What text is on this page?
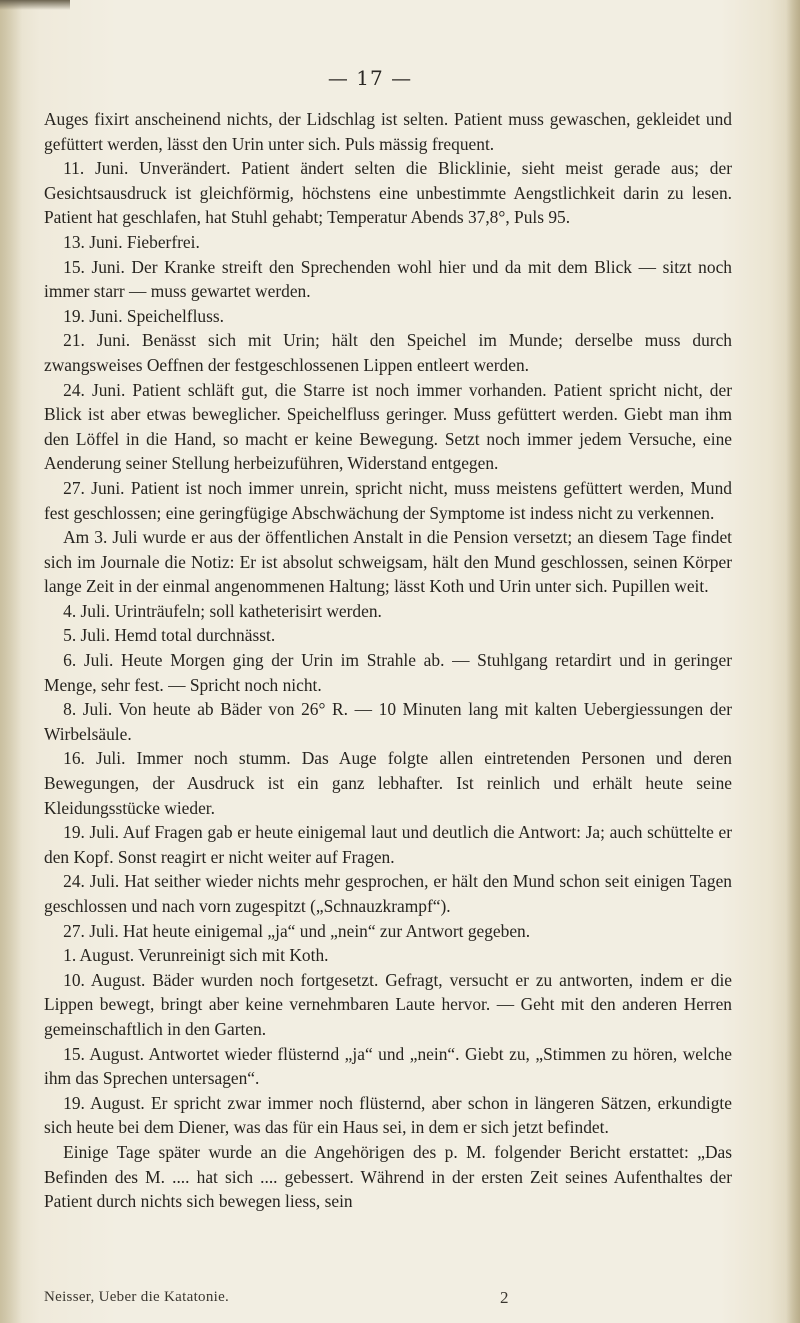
— 17 —

Auges fixirt anscheinend nichts, der Lidschlag ist selten. Patient muss gewaschen, gekleidet und gefüttert werden, lässt den Urin unter sich. Puls mässig frequent.

11. Juni. Unverändert. Patient ändert selten die Blicklinie, sieht meist gerade aus; der Gesichtsausdruck ist gleichförmig, höchstens eine unbestimmte Aengstlichkeit darin zu lesen. Patient hat geschlafen, hat Stuhl gehabt; Temperatur Abends 37,8°, Puls 95.

13. Juni. Fieberfrei.

15. Juni. Der Kranke streift den Sprechenden wohl hier und da mit dem Blick — sitzt noch immer starr — muss gewartet werden.

19. Juni. Speichelfluss.

21. Juni. Benässt sich mit Urin; hält den Speichel im Munde; derselbe muss durch zwangsweises Oeffnen der festgeschlossenen Lippen entleert werden.

24. Juni. Patient schläft gut, die Starre ist noch immer vorhanden. Patient spricht nicht, der Blick ist aber etwas beweglicher. Speichelfluss geringer. Muss gefüttert werden. Giebt man ihm den Löffel in die Hand, so macht er keine Bewegung. Setzt noch immer jedem Versuche, eine Aenderung seiner Stellung herbeizuführen, Widerstand entgegen.

27. Juni. Patient ist noch immer unrein, spricht nicht, muss meistens gefüttert werden, Mund fest geschlossen; eine geringfügige Abschwächung der Symptome ist indess nicht zu verkennen.

Am 3. Juli wurde er aus der öffentlichen Anstalt in die Pension versetzt; an diesem Tage findet sich im Journale die Notiz: Er ist absolut schweigsam, hält den Mund geschlossen, seinen Körper lange Zeit in der einmal angenommenen Haltung; lässt Koth und Urin unter sich. Pupillen weit.

4. Juli. Urinträufeln; soll katheterisirt werden.

5. Juli. Hemd total durchnässt.

6. Juli. Heute Morgen ging der Urin im Strahle ab. — Stuhlgang retardirt und in geringer Menge, sehr fest. — Spricht noch nicht.

8. Juli. Von heute ab Bäder von 26° R. — 10 Minuten lang mit kalten Uebergiessungen der Wirbelsäule.

16. Juli. Immer noch stumm. Das Auge folgte allen eintretenden Personen und deren Bewegungen, der Ausdruck ist ein ganz lebhafter. Ist reinlich und erhält heute seine Kleidungsstücke wieder.

19. Juli. Auf Fragen gab er heute einigemal laut und deutlich die Antwort: Ja; auch schüttelte er den Kopf. Sonst reagirt er nicht weiter auf Fragen.

24. Juli. Hat seither wieder nichts mehr gesprochen, er hält den Mund schon seit einigen Tagen geschlossen und nach vorn zugespitzt („Schnauzkrampf“).

27. Juli. Hat heute einigemal „ja“ und „nein“ zur Antwort gegeben.

1. August. Verunreinigt sich mit Koth.

10. August. Bäder wurden noch fortgesetzt. Gefragt, versucht er zu antworten, indem er die Lippen bewegt, bringt aber keine vernehmbaren Laute hervor. — Geht mit den anderen Herren gemeinschaftlich in den Garten.

15. August. Antwortet wieder flüsternd „ja“ und „nein“. Giebt zu, „Stimmen zu hören, welche ihm das Sprechen untersagen“.

19. August. Er spricht zwar immer noch flüsternd, aber schon in längeren Sätzen, erkundigte sich heute bei dem Diener, was das für ein Haus sei, in dem er sich jetzt befindet.

Einige Tage später wurde an die Angehörigen des p. M. folgender Bericht erstattet: „Das Befinden des M. .... hat sich .... gebessert. Während in der ersten Zeit seines Aufenthaltes der Patient durch nichts sich bewegen liess, sein

Neisser, Ueber die Katatonie.	2
